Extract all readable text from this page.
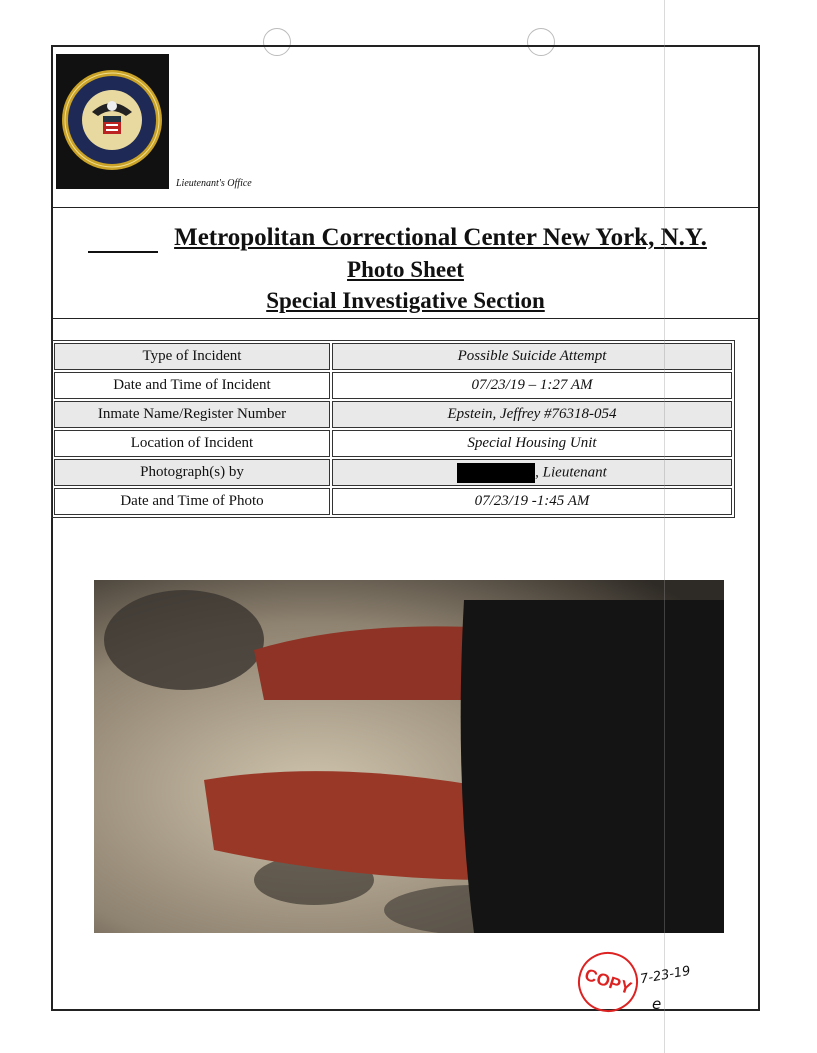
Lieutenant's Office
Metropolitan Correctional Center New York, N.Y.
Photo Sheet
Special Investigative Section
Type of Incident	Possible Suicide Attempt
Date and Time of Incident	07/23/19 – 1:27 AM
Inmate Name/Register Number	Epstein, Jeffrey #76318-054
Location of Incident	Special Housing Unit
Photograph(s) by	, Lieutenant
Date and Time of Photo	07/23/19 -1:45 AM
COPY 7-23-19
e
